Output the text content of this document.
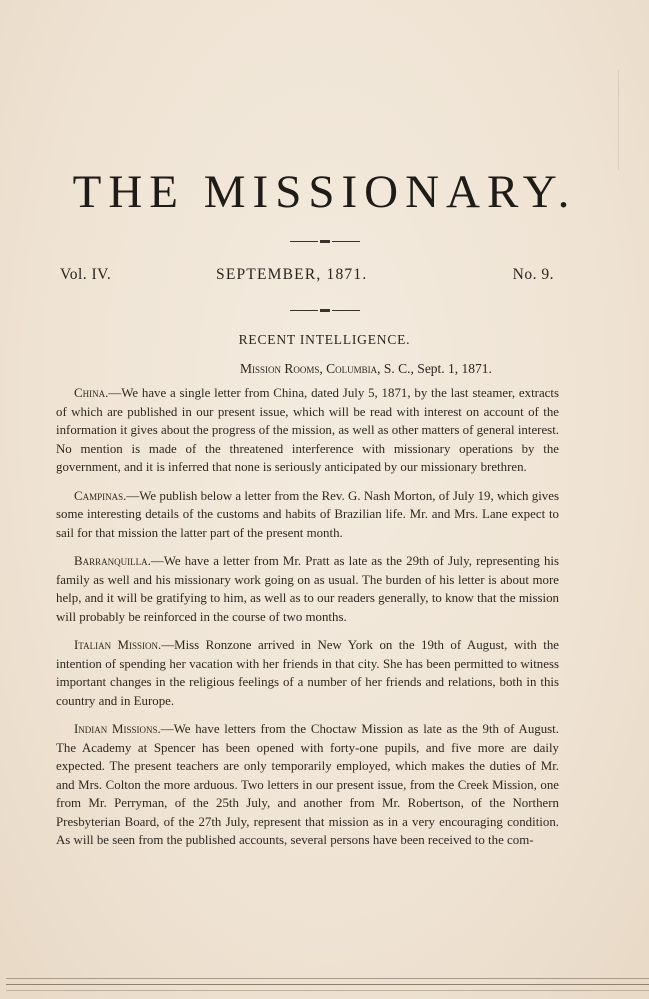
THE MISSIONARY.
Vol. IV.	SEPTEMBER, 1871.	No. 9.
RECENT INTELLIGENCE.
Mission Rooms, Columbia, S. C., Sept. 1, 1871.

China.—We have a single letter from China, dated July 5, 1871, by the last steamer, extracts of which are published in our present issue, which will be read with interest on account of the information it gives about the progress of the mission, as well as other matters of general interest. No mention is made of the threatened interference with missionary operations by the government, and it is inferred that none is seriously anticipated by our missionary brethren.

Campinas.—We publish below a letter from the Rev. G. Nash Morton, of July 19, which gives some interesting details of the customs and habits of Brazilian life. Mr. and Mrs. Lane expect to sail for that mission the latter part of the present month.

Barranquilla.—We have a letter from Mr. Pratt as late as the 29th of July, representing his family as well and his missionary work going on as usual. The burden of his letter is about more help, and it will be gratifying to him, as well as to our readers generally, to know that the mission will probably be reinforced in the course of two months.

Italian Mission.—Miss Ronzone arrived in New York on the 19th of August, with the intention of spending her vacation with her friends in that city. She has been permitted to witness important changes in the religious feelings of a number of her friends and relations, both in this country and in Europe.

Indian Missions.—We have letters from the Choctaw Mission as late as the 9th of August. The Academy at Spencer has been opened with forty-one pupils, and five more are daily expected. The present teachers are only temporarily employed, which makes the duties of Mr. and Mrs. Colton the more arduous. Two letters in our present issue, from the Creek Mission, one from Mr. Perryman, of the 25th July, and another from Mr. Robertson, of the Northern Presbyterian Board, of the 27th July, represent that mission as in a very encouraging condition. As will be seen from the published accounts, several persons have been received to the com-
